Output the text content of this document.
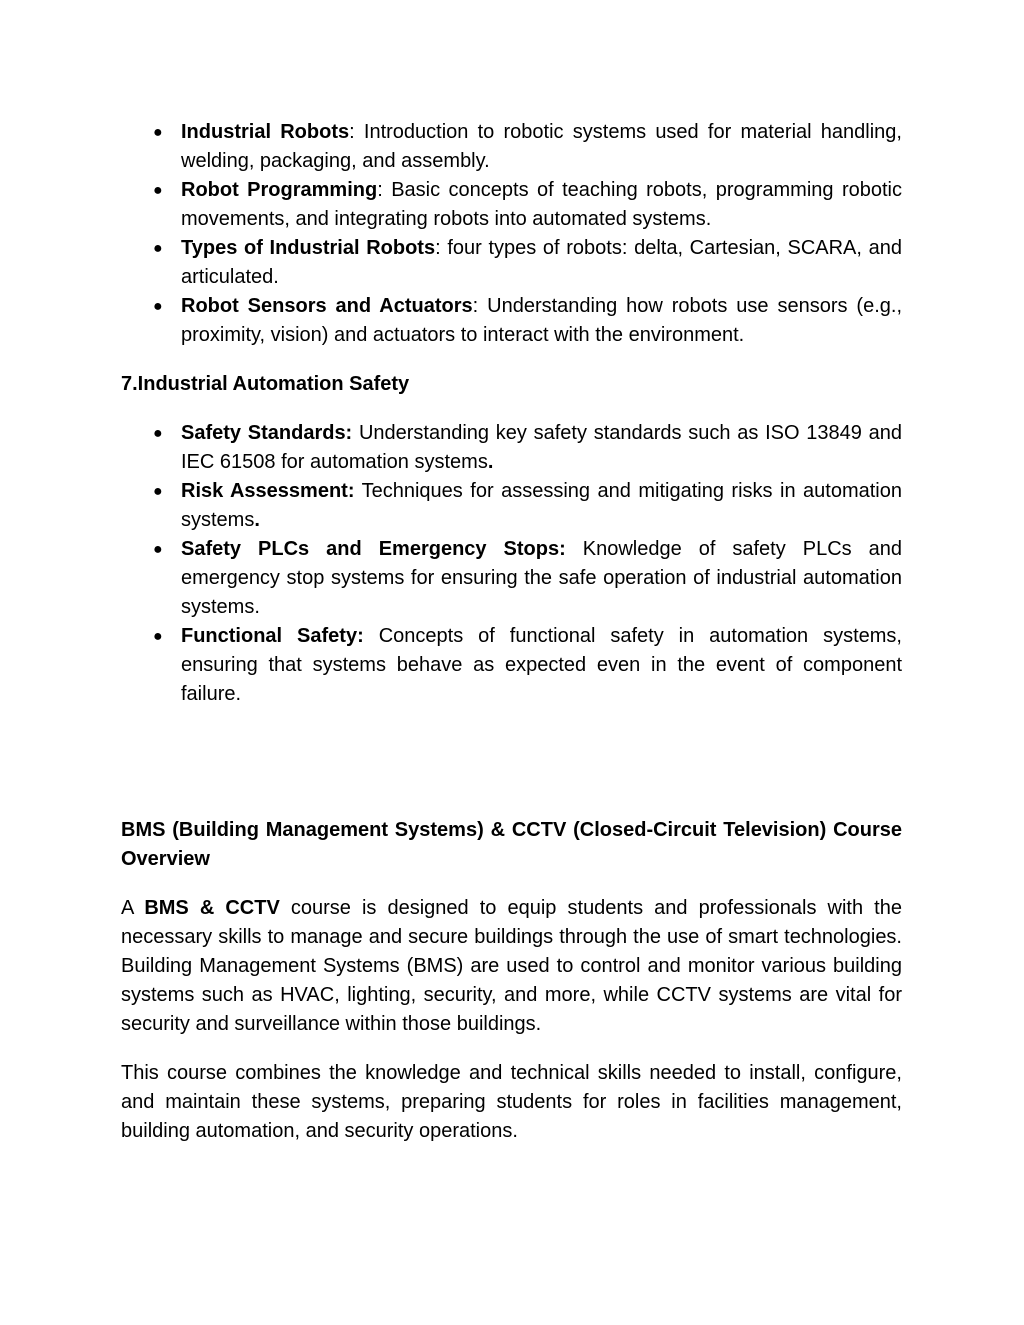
● Industrial Robots: Introduction to robotic systems used for material handling, welding, packaging, and assembly.
● Robot Programming: Basic concepts of teaching robots, programming robotic movements, and integrating robots into automated systems.
● Types of Industrial Robots: four types of robots: delta, Cartesian, SCARA, and articulated.
● Robot Sensors and Actuators: Understanding how robots use sensors (e.g., proximity, vision) and actuators to interact with the environment.

7.Industrial Automation Safety

● Safety Standards: Understanding key safety standards such as ISO 13849 and IEC 61508 for automation systems.
● Risk Assessment: Techniques for assessing and mitigating risks in automation systems.
● Safety PLCs and Emergency Stops: Knowledge of safety PLCs and emergency stop systems for ensuring the safe operation of industrial automation systems.
● Functional Safety: Concepts of functional safety in automation systems, ensuring that systems behave as expected even in the event of component failure.

BMS (Building Management Systems) & CCTV (Closed-Circuit Television) Course Overview

A BMS & CCTV course is designed to equip students and professionals with the necessary skills to manage and secure buildings through the use of smart technologies. Building Management Systems (BMS) are used to control and monitor various building systems such as HVAC, lighting, security, and more, while CCTV systems are vital for security and surveillance within those buildings.

This course combines the knowledge and technical skills needed to install, configure, and maintain these systems, preparing students for roles in facilities management, building automation, and security operations.
